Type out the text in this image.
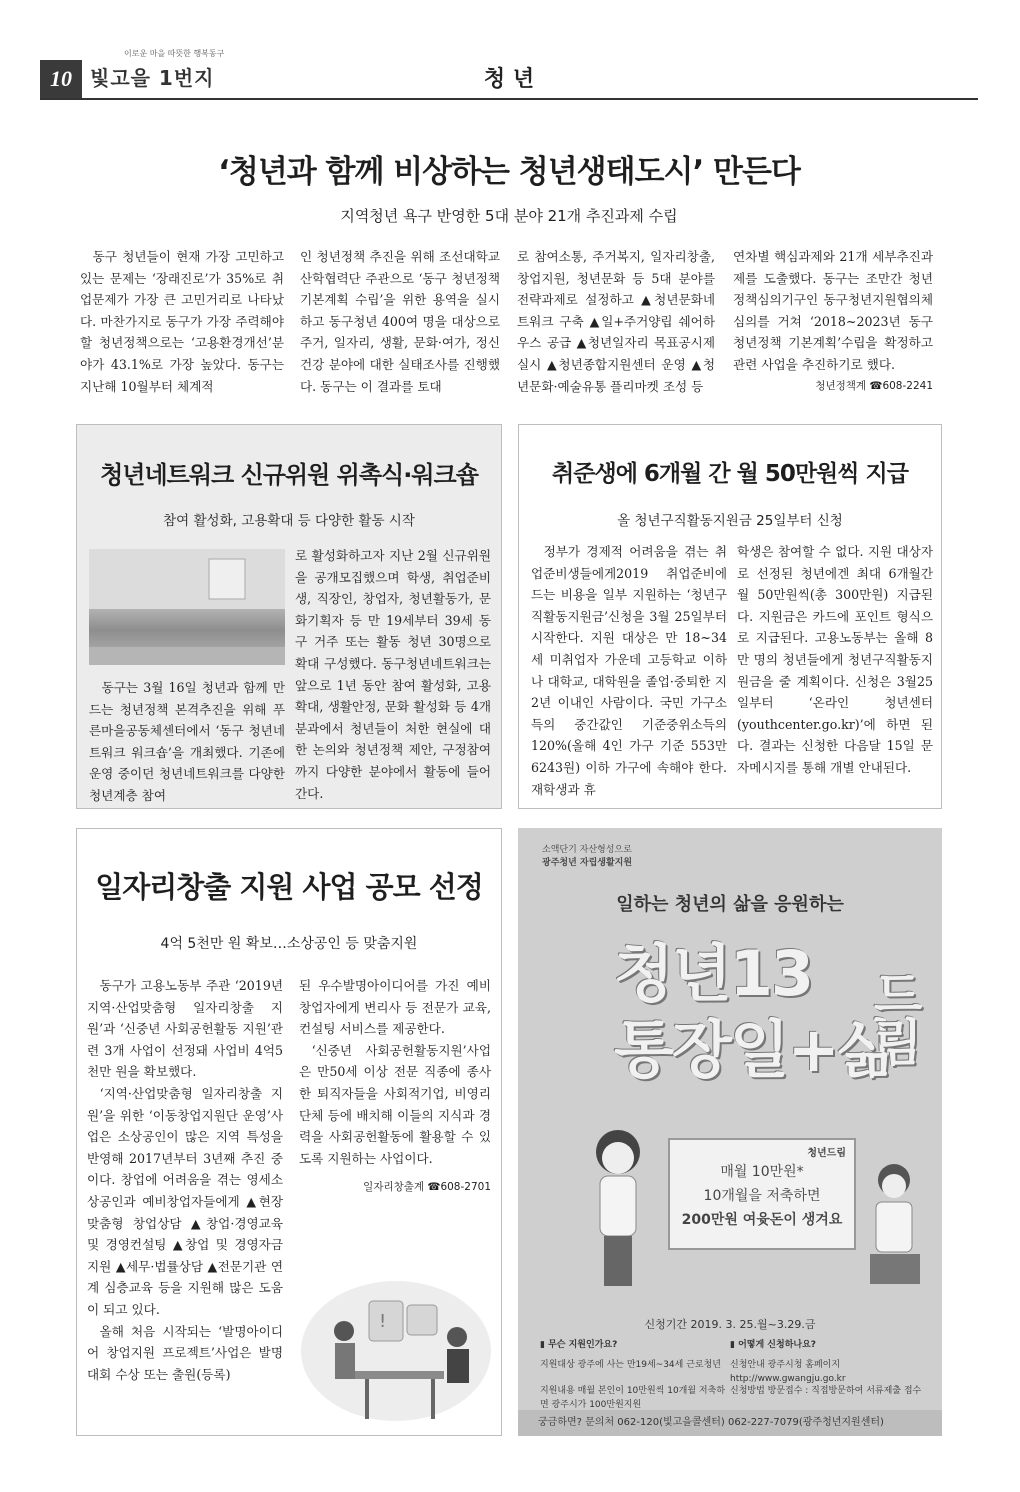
이로운 마을 따뜻한 행복동구
10 빛고을 1번지	청 년
‘청년과 함께 비상하는 청년생태도시’ 만든다
지역청년 욕구 반영한 5대 분야 21개 추진과제 수립
동구 청년들이 현재 가장 고민하고 있는 문제는 ‘장래진로’가 35%로 취업문제가 가장 큰 고민거리로 나타났다. 마찬가지로 동구가 가장 주력해야 할 청년정책으로는 ‘고용환경개선’분야가 43.1%로 가장 높았다. 동구는 지난해 10월부터 체계적
인 청년정책 추진을 위해 조선대학교 산학협력단 주관으로 ‘동구 청년정책 기본계획 수립’을 위한 용역을 실시하고 동구청년 400여 명을 대상으로 주거, 일자리, 생활, 문화·여가, 정신건강 분야에 대한 실태조사를 진행했다. 동구는 이 결과를 토대
로 참여소통, 주거복지, 일자리창출, 창업지원, 청년문화 등 5대 분야를 전략과제로 설정하고 ▲청년문화네트워크 구축 ▲일+주거양립 쉐어하우스 공급 ▲청년일자리 목표공시제 실시 ▲청년종합지원센터 운영 ▲청년문화·예술유통 플리마켓 조성 등
연차별 핵심과제와 21개 세부추진과제를 도출했다. 동구는 조만간 청년정책심의기구인 동구청년지원협의체 심의를 거쳐 ‘2018~2023년 동구청년정책 기본계획’수립을 확정하고 관련 사업을 추진하기로 했다.
청년정책계 ☎608-2241
청년네트워크 신규위원 위촉식·워크숍
참여 활성화, 고용확대 등 다양한 활동 시작
동구는 3월 16일 청년과 함께 만드는 청년정책 본격추진을 위해 푸른마을공동체센터에서 ‘동구 청년네트워크 워크숍’을 개최했다. 기존에 운영 중이던 청년네트워크를 다양한 청년계층 참여
로 활성화하고자 지난 2월 신규위원을 공개모집했으며 학생, 취업준비생, 직장인, 창업자, 청년활동가, 문화기획자 등 만 19세부터 39세 동구 거주 또는 활동 청년 30명으로 확대 구성했다. 동구청년네트워크는 앞으로 1년 동안 참여 활성화, 고용확대, 생활안정, 문화 활성화 등 4개 분과에서 청년들이 처한 현실에 대한 논의와 청년정책 제안, 구정참여까지 다양한 분야에서 활동에 들어간다.
취준생에 6개월 간 월 50만원씩 지급
올 청년구직활동지원금 25일부터 신청
정부가 경제적 어려움을 겪는 취업준비생들에게2019 취업준비에 드는 비용을 일부 지원하는 ‘청년구직활동지원금’신청을 3월 25일부터 시작한다. 지원 대상은 만 18~34세 미취업자 가운데 고등학교 이하나 대학교, 대학원을 졸업·중퇴한 지 2년 이내인 사람이다. 국민 가구소득의 중간값인 기준중위소득의 120%(올해 4인 가구 기준 553만6243원) 이하 가구에 속해야 한다. 재학생과 휴
학생은 참여할 수 없다. 지원 대상자로 선정된 청년에겐 최대 6개월간 월 50만원씩(총 300만원) 지급된다. 지원금은 카드에 포인트 형식으로 지급된다. 고용노동부는 올해 8만 명의 청년들에게 청년구직활동지원금을 줄 계획이다. 신청은 3월25일부터 ‘온라인 청년센터(youthcenter.go.kr)’에 하면 된다. 결과는 신청한 다음달 15일 문자메시지를 통해 개별 안내된다.
일자리창출 지원 사업 공모 선정
4억 5천만 원 확보…소상공인 등 맞춤지원
동구가 고용노동부 주관 ‘2019년 지역·산업맞춤형 일자리창출 지원’과 ‘신중년 사회공헌활동 지원’관련 3개 사업이 선정돼 사업비 4억5천만 원을 확보했다.
‘지역·산업맞춤형 일자리창출 지원’을 위한 ‘이동창업지원단 운영’사업은 소상공인이 많은 지역 특성을 반영해 2017년부터 3년째 추진 중이다. 창업에 어려움을 겪는 영세소상공인과 예비창업자들에게 ▲현장맞춤형 창업상담 ▲창업·경영교육 및 경영컨설팅 ▲창업 및 경영자금 지원 ▲세무·법률상담 ▲전문기관 연계 심층교육 등을 지원해 많은 도움이 되고 있다.
올해 처음 시작되는 ‘발명아이디어 창업지원 프로젝트’사업은 발명대회 수상 또는 출원(등록)
된 우수발명아이디어를 가진 예비창업자에게 변리사 등 전문가 교육, 컨설팅 서비스를 제공한다.
‘신중년 사회공헌활동지원’사업은 만50세 이상 전문 직종에 종사한 퇴직자들을 사회적기업, 비영리단체 등에 배치해 이들의 지식과 경력을 사회공헌활동에 활용할 수 있도록 지원하는 사업이다.
일자리창출계 ☎608-2701
!
소액단기 자산형성으로
광주청년 자립생활지원
일하는 청년의 삶을 응원하는
청년13
통장일+삶
드림
청년드림
매월 10만원*
10개월을 저축하면
200만원 여윳돈이 생겨요
신청기간 2019. 3. 25.월~3.29.금
▮ 무슨 지원인가요?	▮ 어떻게 신청하나요?
지원대상 광주에 사는 만19세~34세 근로청년
지원내용 매월 본인이 10만원씩 10개월 저축하면 광주시가 100만원지원
신청안내 광주시청 홈페이지 http://www.gwangju.go.kr
신청방법 방문접수 : 직접방문하여 서류제출 접수
궁금하면? 문의처 062-120(빛고을콜센터) 062-227-7079(광주청년지원센터)
